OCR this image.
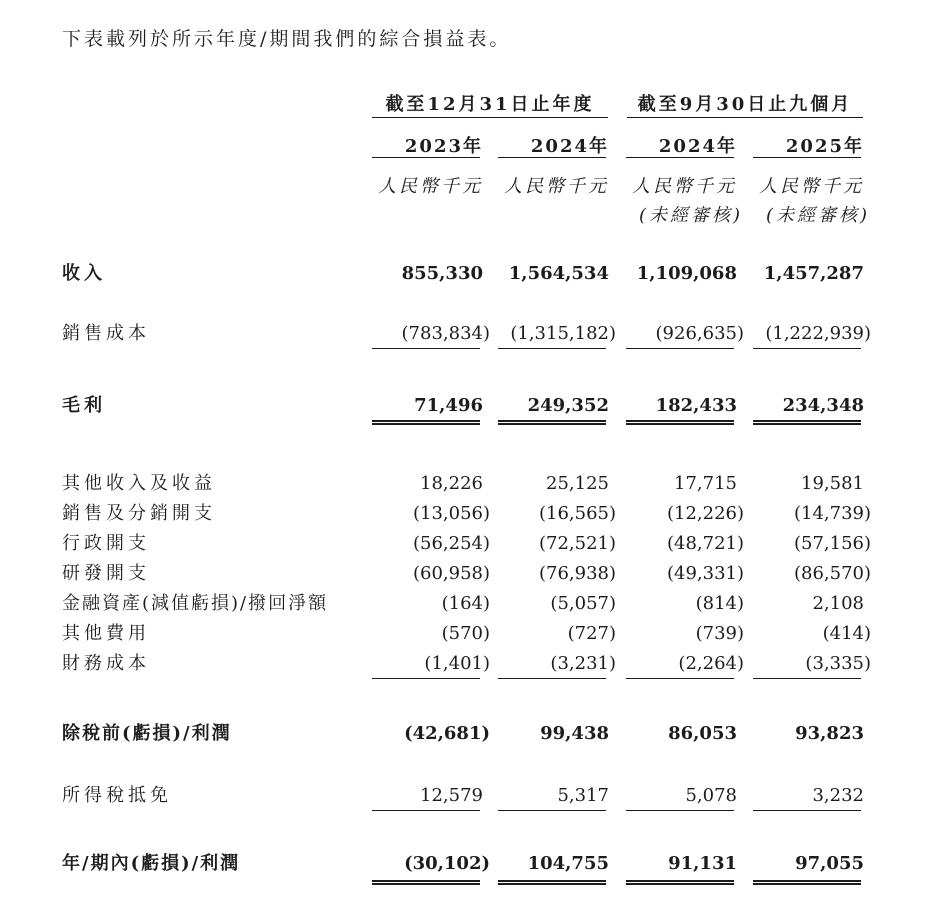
下表載列於所示年度/期間我們的綜合損益表。
截至12月31日止年度	截至9月30日止九個月
2023年	2024年	2024年	2025年
人民幣千元 人民幣千元 人民幣千元 人民幣千元
(未經審核) (未經審核)
收入	855,330 1,564,534 1,109,068 1,457,287
銷售成本	(783,834) (1,315,182) (926,635) (1,222,939)
毛利	71,496 249,352	182,433	234,348
其他收入及收益	18,226	25,125	17,715	19,581
銷售及分銷開支	(13,056)	(16,565)	(12,226)	(14,739)
行政開支	(56,254)	(72,521)	(48,721)	(57,156)
研發開支	(60,958)	(76,938)	(49,331)	(86,570)
金融資產(減值虧損)/撥回淨額	(164)	(5,057)	(814)	2,108
其他費用	(570)	(727)	(739)	(414)
財務成本	(1,401)	(3,231)	(2,264)	(3,335)
除稅前(虧損)/利潤	(42,681)	99,438	86,053	93,823
所得稅抵免	12,579	5,317	5,078	3,232
年/期內(虧損)/利潤	(30,102) 104,755	91,131	97,055
